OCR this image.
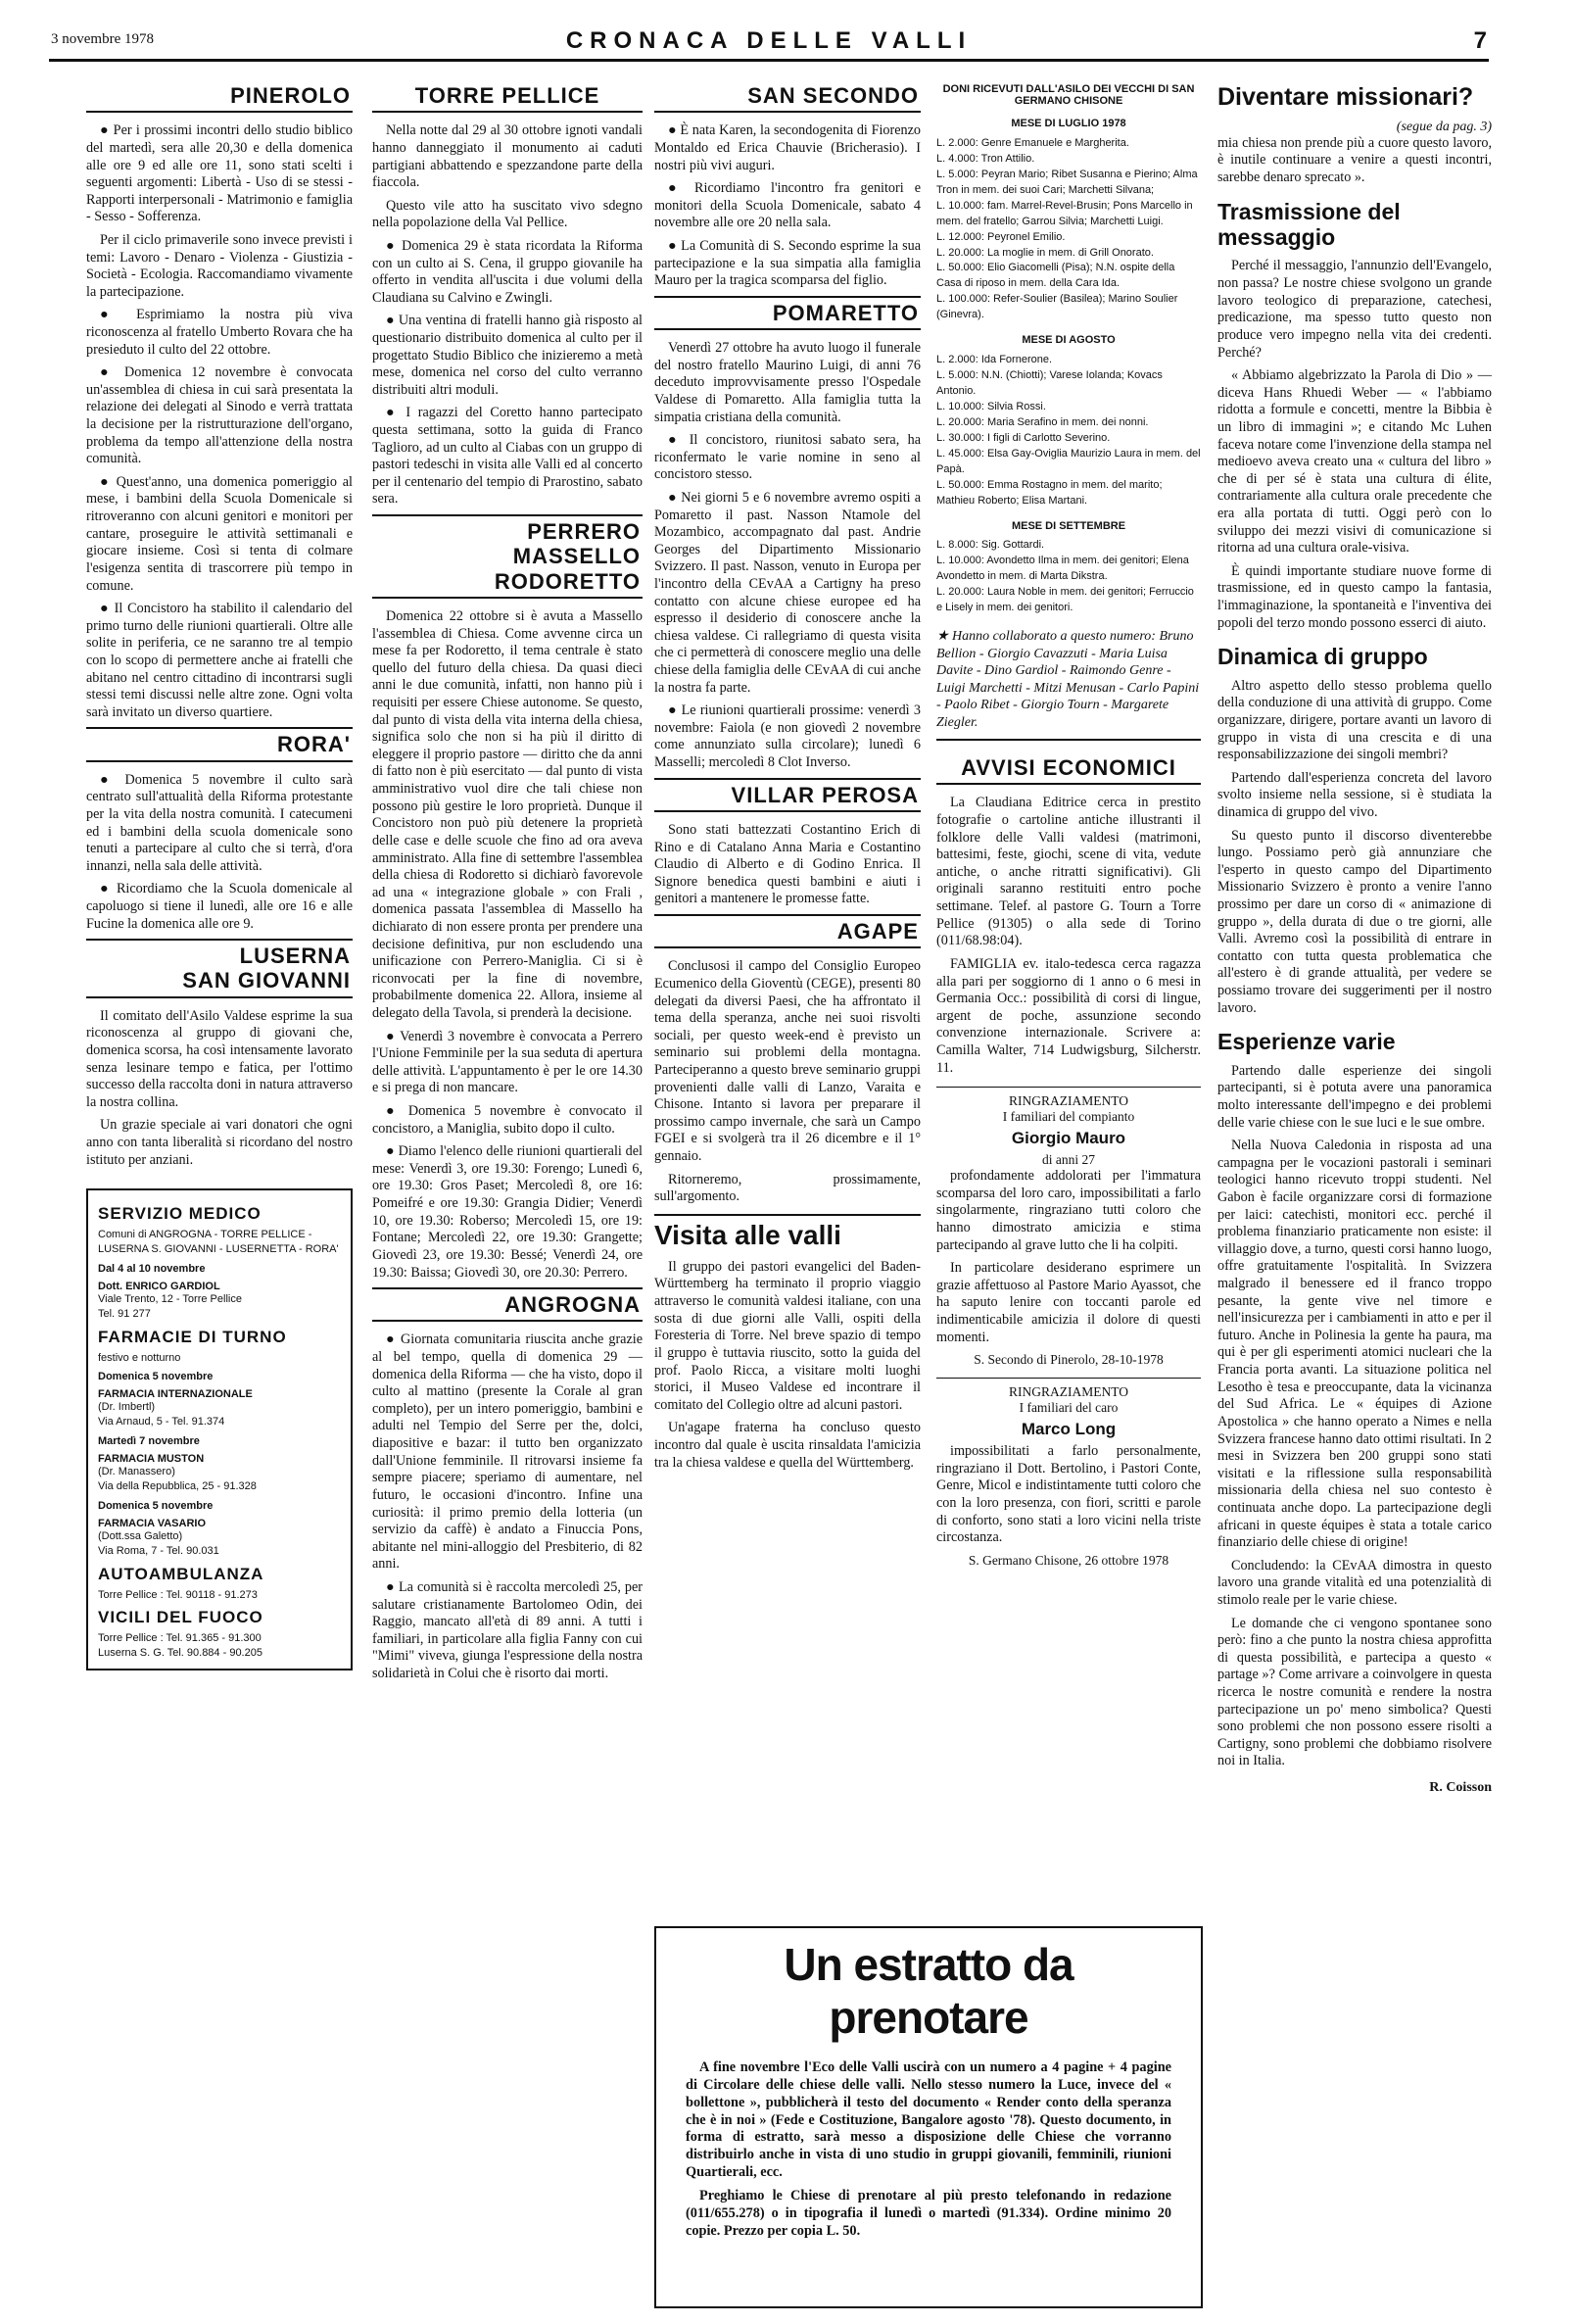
3 novembre 1978	CRONACA DELLE VALLI	7
PINEROLO

● Per i prossimi incontri dello studio biblico del martedì, sera alle 20,30 e della domenica alle ore 9 ed alle ore 11, sono stati scelti i seguenti argomenti: Libertà - Uso di se stessi - Rapporti interpersonali - Matrimonio e famiglia - Sesso - Sofferenza.

Per il ciclo primaverile sono invece previsti i temi: Lavoro - Denaro - Violenza - Giustizia - Società - Ecologia. Raccomandiamo vivamente la partecipazione.

● Esprimiamo la nostra più viva riconoscenza al fratello Umberto Rovara che ha presieduto il culto del 22 ottobre.

● Domenica 12 novembre è convocata un'assemblea di chiesa in cui sarà presentata la relazione dei delegati al Sinodo e verrà trattata la decisione per la ristrutturazione dell'organo, problema da tempo all'attenzione della nostra comunità.

● Quest'anno, una domenica pomeriggio al mese, i bambini della Scuola Domenicale si ritroveranno con alcuni genitori e monitori per cantare, proseguire le attività settimanali e giocare insieme. Così si tenta di colmare l'esigenza sentita di trascorrere più tempo in comune.

● Il Concistoro ha stabilito il calendario del primo turno delle riunioni quartierali. Oltre alle solite in periferia, ce ne saranno tre al tempio con lo scopo di permettere anche ai fratelli che abitano nel centro cittadino di incontrarsi sugli stessi temi discussi nelle altre zone. Ogni volta sarà invitato un diverso quartiere.

RORA'

● Domenica 5 novembre il culto sarà centrato sull'attualità della Riforma protestante per la vita della nostra comunità. I catecumeni ed i bambini della scuola domenicale sono tenuti a partecipare al culto che si terrà, d'ora innanzi, nella sala delle attività.

● Ricordiamo che la Scuola domenicale al capoluogo si tiene il lunedì, alle ore 16 e alle Fucine la domenica alle ore 9.

LUSERNA
SAN GIOVANNI

Il comitato dell'Asilo Valdese esprime la sua riconoscenza al gruppo di giovani che, domenica scorsa, ha così intensamente lavorato senza lesinare tempo e fatica, per l'ottimo successo della raccolta doni in natura attraverso la nostra collina.

Un grazie speciale ai vari donatori che ogni anno con tanta liberalità si ricordano del nostro istituto per anziani.

SERVIZIO MEDICO
Comuni di ANGROGNA - TORRE PELLICE - LUSERNA S. GIOVANNI - LUSERNETTA - RORA'
Dal 4 al 10 novembre
Dott. ENRICO GARDIOL
Viale Trento, 12 - Torre Pellice
Tel. 91 277
FARMACIE DI TURNO
festivo e notturno
Domenica 5 novembre
FARMACIA INTERNAZIONALE
(Dr. Imbertl)
Via Arnaud, 5 - Tel. 91.374
Martedì 7 novembre
FARMACIA MUSTON
(Dr. Manassero)
Via della Repubblica, 25 - 91.328
Domenica 5 novembre
FARMACIA VASARIO
(Dott.ssa Galetto)
Via Roma, 7 - Tel. 90.031
AUTOAMBULANZA
Torre Pellice : Tel. 90118 - 91.273
VICILI DEL FUOCO
Torre Pellice : Tel. 91.365 - 91.300
Luserna S. G. Tel. 90.884 - 90.205
TORRE PELLICE

Nella notte dal 29 al 30 ottobre ignoti vandali hanno danneggiato il monumento ai caduti partigiani abbattendo e spezzandone parte della fiaccola.

Questo vile atto ha suscitato vivo sdegno nella popolazione della Val Pellice.

● Domenica 29 è stata ricordata la Riforma con un culto ai S. Cena, il gruppo giovanile ha offerto in vendita all'uscita i due volumi della Claudiana su Calvino e Zwingli.

● Una ventina di fratelli hanno già risposto al questionario distribuito domenica al culto per il progettato Studio Biblico che inizieremo a metà mese, domenica nel corso del culto verranno distribuiti altri moduli.

● I ragazzi del Coretto hanno partecipato questa settimana, sotto la guida di Franco Taglioro, ad un culto al Ciabas con un gruppo di pastori tedeschi in visita alle Valli ed al concerto per il centenario del tempio di Prarostino, sabato sera.

PERRERO
MASSELLO
RODORETTO

Domenica 22 ottobre si è avuta a Massello l'assemblea di Chiesa. Come avvenne circa un mese fa per Rodoretto, il tema centrale è stato quello del futuro della chiesa. Da quasi dieci anni le due comunità, infatti, non hanno più i requisiti per essere Chiese autonome. Se questo, dal punto di vista della vita interna della chiesa, significa solo che non si ha più il diritto di eleggere il proprio pastore — diritto che da anni di fatto non è più esercitato — dal punto di vista amministrativo vuol dire che tali chiese non possono più gestire le loro proprietà. Dunque il Concistoro non può più detenere la proprietà delle case e delle scuole che fino ad ora aveva amministrato. Alla fine di settembre l'assemblea della chiesa di Rodoretto si dichiarò favorevole ad una « integrazione globale » con Frali , domenica passata l'assemblea di Massello ha dichiarato di non essere pronta per prendere una decisione definitiva, pur non escludendo una unificazione con Perrero-Maniglia. Ci si è riconvocati per la fine di novembre, probabilmente domenica 22. Allora, insieme al delegato della Tavola, si prenderà la decisione.

● Venerdì 3 novembre è convocata a Perrero l'Unione Femminile per la sua seduta di apertura delle attività. L'appuntamento è per le ore 14.30 e si prega di non mancare.

● Domenica 5 novembre è convocato il concistoro, a Maniglia, subito dopo il culto.

● Diamo l'elenco delle riunioni quartierali del mese: Venerdì 3, ore 19.30: Forengo; Lunedì 6, ore 19.30: Gros Paset; Mercoledì 8, ore 16: Pomeifré e ore 19.30: Grangia Didier; Venerdì 10, ore 19.30: Roberso; Mercoledì 15, ore 19: Fontane; Mercoledì 22, ore 19.30: Grangette; Giovedì 23, ore 19.30: Bessé; Venerdì 24, ore 19.30: Baissa; Giovedì 30, ore 20.30: Perrero.

ANGROGNA

● Giornata comunitaria riuscita anche grazie al bel tempo, quella di domenica 29 — domenica della Riforma — che ha visto, dopo il culto al mattino (presente la Corale al gran completo), per un intero pomeriggio, bambini e adulti nel Tempio del Serre per the, dolci, diapositive e bazar: il tutto ben organizzato dall'Unione femminile. Il ritrovarsi insieme fa sempre piacere; speriamo di aumentare, nel futuro, le occasioni d'incontro. Infine una curiosità: il primo premio della lotteria (un servizio da caffè) è andato a Finuccia Pons, abitante nel mini-alloggio del Presbiterio, di 82 anni.

● La comunità si è raccolta mercoledì 25, per salutare cristianamente Bartolomeo Odin, dei Raggio, mancato all'età di 89 anni. A tutti i familiari, in particolare alla figlia Fanny con cui "Mimi" viveva, giunga l'espressione della nostra solidarietà in Colui che è risorto dai morti.

SAN SECONDO

● È nata Karen, la secondogenita di Fiorenzo Montaldo ed Erica Chauvie (Bricherasio). I nostri più vivi auguri.

● Ricordiamo l'incontro fra genitori e monitori della Scuola Domenicale, sabato 4 novembre alle ore 20 nella sala.

● La Comunità di S. Secondo esprime la sua partecipazione e la sua simpatia alla famiglia Mauro per la tragica scomparsa del figlio.

POMARETTO

Venerdì 27 ottobre ha avuto luogo il funerale del nostro fratello Maurino Luigi, di anni 76 deceduto improvvisamente presso l'Ospedale Valdese di Pomaretto. Alla famiglia tutta la simpatia cristiana della comunità.

● Il concistoro, riunitosi sabato sera, ha riconfermato le varie nomine in seno al concistoro stesso.

● Nei giorni 5 e 6 novembre avremo ospiti a Pomaretto il past. Nasson Ntamole del Mozambico, accompagnato dal past. Andrie Georges del Dipartimento Missionario Svizzero. Il past. Nasson, venuto in Europa per l'incontro della CEvAA a Cartigny ha preso contatto con alcune chiese europee ed ha espresso il desiderio di conoscere anche la chiesa valdese. Ci rallegriamo di questa visita che ci permetterà di conoscere meglio una delle chiese della famiglia delle CEvAA di cui anche la nostra fa parte.

● Le riunioni quartierali prossime: venerdì 3 novembre: Faiola (e non giovedì 2 novembre come annunziato sulla circolare); lunedì 6 Masselli; mercoledì 8 Clot Inverso.

VILLAR PEROSA

Sono stati battezzati Costantino Erich di Rino e di Catalano Anna Maria e Costantino Claudio di Alberto e di Godino Enrica. Il Signore benedica questi bambini e aiuti i genitori a mantenere le promesse fatte.

AGAPE

Conclusosi il campo del Consiglio Europeo Ecumenico della Gioventù (CEGE), presenti 80 delegati da diversi Paesi, che ha affrontato il tema della speranza, anche nei suoi risvolti sociali, per questo week-end è previsto un seminario sui problemi della montagna. Parteciperanno a questo breve seminario gruppi provenienti dalle valli di Lanzo, Varaita e Chisone. Intanto si lavora per preparare il prossimo campo invernale, che sarà un Campo FGEI e si svolgerà tra il 26 dicembre e il 1° gennaio.

Ritorneremo, prossimamente, sull'argomento.

Visita alle valli

Il gruppo dei pastori evangelici del Baden-Württemberg ha terminato il proprio viaggio attraverso le comunità valdesi italiane, con una sosta di due giorni alle Valli, ospiti della Foresteria di Torre. Nel breve spazio di tempo il gruppo è tuttavia riuscito, sotto la guida del prof. Paolo Ricca, a visitare molti luoghi storici, il Museo Valdese ed incontrare il comitato del Collegio oltre ad alcuni pastori.

Un'agape fraterna ha concluso questo incontro dal quale è uscita rinsaldata l'amicizia tra la chiesa valdese e quella del Württemberg.

DONI RICEVUTI DALL'ASILO DEI VECCHI DI SAN GERMANO CHISONE
MESE DI LUGLIO 1978
L. 2.000: Genre Emanuele e Margherita.
L. 4.000: Tron Attilio.
L. 5.000: Peyran Mario; Ribet Susanna e Pierino; Alma Tron in mem. dei suoi Cari; Marchetti Silvana;
L. 10.000: fam. Marrel-Revel-Brusin; Pons Marcello in mem. del fratello; Garrou Silvia; Marchetti Luigi.
L. 12.000: Peyronel Emilio.
L. 20.000: La moglie in mem. di Grill Onorato.
L. 50.000: Elio Giacomelli (Pisa); N.N. ospite della Casa di riposo in mem. della Cara Ida.
L. 100.000: Refer-Soulier (Basilea); Marino Soulier (Ginevra).
MESE DI AGOSTO
L. 2.000: Ida Fornerone.
L. 5.000: N.N. (Chiotti); Varese Iolanda; Kovacs Antonio.
L. 10.000: Silvia Rossi.
L. 20.000: Maria Serafino in mem. dei nonni.
L. 30.000: I figli di Carlotto Severino.
L. 45.000: Elsa Gay-Oviglia Maurizio Laura in mem. del Papà.
L. 50.000: Emma Rostagno in mem. del marito; Mathieu Roberto; Elisa Martani.
MESE DI SETTEMBRE
L. 8.000: Sig. Gottardi.
L. 10.000: Avondetto Ilma in mem. dei genitori; Elena Avondetto in mem. di Marta Dikstra.
L. 20.000: Laura Noble in mem. dei genitori; Ferruccio e Lisely in mem. dei genitori.
★ Hanno collaborato a questo numero: Bruno Bellion - Giorgio Cavazzuti - Maria Luisa Davite - Dino Gardiol - Raimondo Genre - Luigi Marchetti - Mitzi Menusan - Carlo Papini - Paolo Ribet - Giorgio Tourn - Margarete Ziegler.
AVVISI ECONOMICI

La Claudiana Editrice cerca in prestito fotografie o cartoline antiche illustranti il folklore delle Valli valdesi (matrimoni, battesimi, feste, giochi, scene di vita, vedute antiche, o anche ritratti significativi). Gli originali saranno restituiti entro poche settimane. Telef. al pastore G. Tourn a Torre Pellice (91305) o alla sede di Torino (011/68.98:04).

FAMIGLIA ev. italo-tedesca cerca ragazza alla pari per soggiorno di 1 anno o 6 mesi in Germania Occ.: possibilità di corsi di lingue, argent de poche, assunzione secondo convenzione internazionale. Scrivere a: Camilla Walter, 714 Ludwigsburg, Silcherstr. 11.

RINGRAZIAMENTO
I familiari del compianto
Giorgio Mauro
di anni 27

profondamente addolorati per l'immatura scomparsa del loro caro, impossibilitati a farlo singolarmente, ringraziano tutti coloro che hanno dimostrato amicizia e stima partecipando al grave lutto che li ha colpiti.

In particolare desiderano esprimere un grazie affettuoso al Pastore Mario Ayassot, che ha saputo lenire con toccanti parole ed indimenticabile amicizia il dolore di questi momenti.

S. Secondo di Pinerolo, 28-10-1978
RINGRAZIAMENTO
I familiari del caro
Marco Long

impossibilitati a farlo personalmente, ringraziano il Dott. Bertolino, i Pastori Conte, Genre, Micol e indistintamente tutti coloro che con la loro presenza, con fiori, scritti e parole di conforto, sono stati a loro vicini nella triste circostanza.

S. Germano Chisone, 26 ottobre 1978
Diventare missionari?
(segue da pag. 3)

mia chiesa non prende più a cuore questo lavoro, è inutile continuare a venire a questi incontri, sarebbe denaro sprecato ».

Trasmissione del messaggio

Perché il messaggio, l'annunzio dell'Evangelo, non passa? Le nostre chiese svolgono un grande lavoro teologico di preparazione, catechesi, predicazione, ma spesso tutto questo non produce vero impegno nella vita dei credenti. Perché?

« Abbiamo algebrizzato la Parola di Dio » — diceva Hans Rhuedi Weber — « l'abbiamo ridotta a formule e concetti, mentre la Bibbia è un libro di immagini »; e citando Mc Luhen faceva notare come l'invenzione della stampa nel medioevo aveva creato una « cultura del libro » che di per sé è stata una cultura di élite, contrariamente alla cultura orale precedente che era alla portata di tutti. Oggi però con lo sviluppo dei mezzi visivi di comunicazione si ritorna ad una cultura orale-visiva.

È quindi importante studiare nuove forme di trasmissione, ed in questo campo la fantasia, l'immaginazione, la spontaneità e l'inventiva dei popoli del terzo mondo possono esserci di aiuto.

Dinamica di gruppo

Altro aspetto dello stesso problema quello della conduzione di una attività di gruppo. Come organizzare, dirigere, portare avanti un lavoro di gruppo in vista di una crescita e di una responsabilizzazione dei singoli membri?

Partendo dall'esperienza concreta del lavoro svolto insieme nella sessione, si è studiata la dinamica di gruppo del vivo.

Su questo punto il discorso diventerebbe lungo. Possiamo però già annunziare che l'esperto in questo campo del Dipartimento Missionario Svizzero è pronto a venire l'anno prossimo per dare un corso di « animazione di gruppo », della durata di due o tre giorni, alle Valli. Avremo così la possibilità di entrare in contatto con tutta questa problematica che all'estero è di grande attualità, per vedere se possiamo trovare dei suggerimenti per il nostro lavoro.

Esperienze varie

Partendo dalle esperienze dei singoli partecipanti, si è potuta avere una panoramica molto interessante dell'impegno e dei problemi delle varie chiese con le sue luci e le sue ombre.

Nella Nuova Caledonia in risposta ad una campagna per le vocazioni pastorali i seminari teologici hanno ricevuto troppi studenti. Nel Gabon è facile organizzare corsi di formazione per laici: catechisti, monitori ecc. perché il problema finanziario praticamente non esiste: il villaggio dove, a turno, questi corsi hanno luogo, offre gratuitamente l'ospitalità. In Svizzera malgrado il benessere ed il franco troppo pesante, la gente vive nel timore e nell'insicurezza per i cambiamenti in atto e per il futuro. Anche in Polinesia la gente ha paura, ma qui è per gli esperimenti atomici nucleari che la Francia porta avanti. La situazione politica nel Lesotho è tesa e preoccupante, data la vicinanza del Sud Africa. Le « équipes di Azione Apostolica » che hanno operato a Nimes e nella Svizzera francese hanno dato ottimi risultati. In 2 mesi in Svizzera ben 200 gruppi sono stati visitati e la riflessione sulla responsabilità missionaria della chiesa nel suo contesto è continuata anche dopo. La partecipazione degli africani in queste équipes è stata a totale carico finanziario delle chiese di origine!

Concludendo: la CEvAA dimostra in questo lavoro una grande vitalità ed una potenzialità di stimolo reale per le varie chiese.

Le domande che ci vengono spontanee sono però: fino a che punto la nostra chiesa approfitta di questa possibilità, e partecipa a questo « partage »? Come arrivare a coinvolgere in questa ricerca le nostre comunità e rendere la nostra partecipazione un po' meno simbolica? Questi sono problemi che non possono essere risolti a Cartigny, sono problemi che dobbiamo risolvere noi in Italia.

R. Coisson
Un estratto da prenotare

A fine novembre l'Eco delle Valli uscirà con un numero a 4 pagine + 4 pagine di Circolare delle chiese delle valli. Nello stesso numero la Luce, invece del « bollettone », pubblicherà il testo del documento « Render conto della speranza che è in noi » (Fede e Costituzione, Bangalore agosto '78). Questo documento, in forma di estratto, sarà messo a disposizione delle Chiese che vorranno distribuirlo anche in vista di uno studio in gruppi giovanili, femminili, riunioni Quartierali, ecc.

Preghiamo le Chiese di prenotare al più presto telefonando in redazione (011/655.278) o in tipografia il lunedì o martedì (91.334). Ordine minimo 20 copie. Prezzo per copia L. 50.
